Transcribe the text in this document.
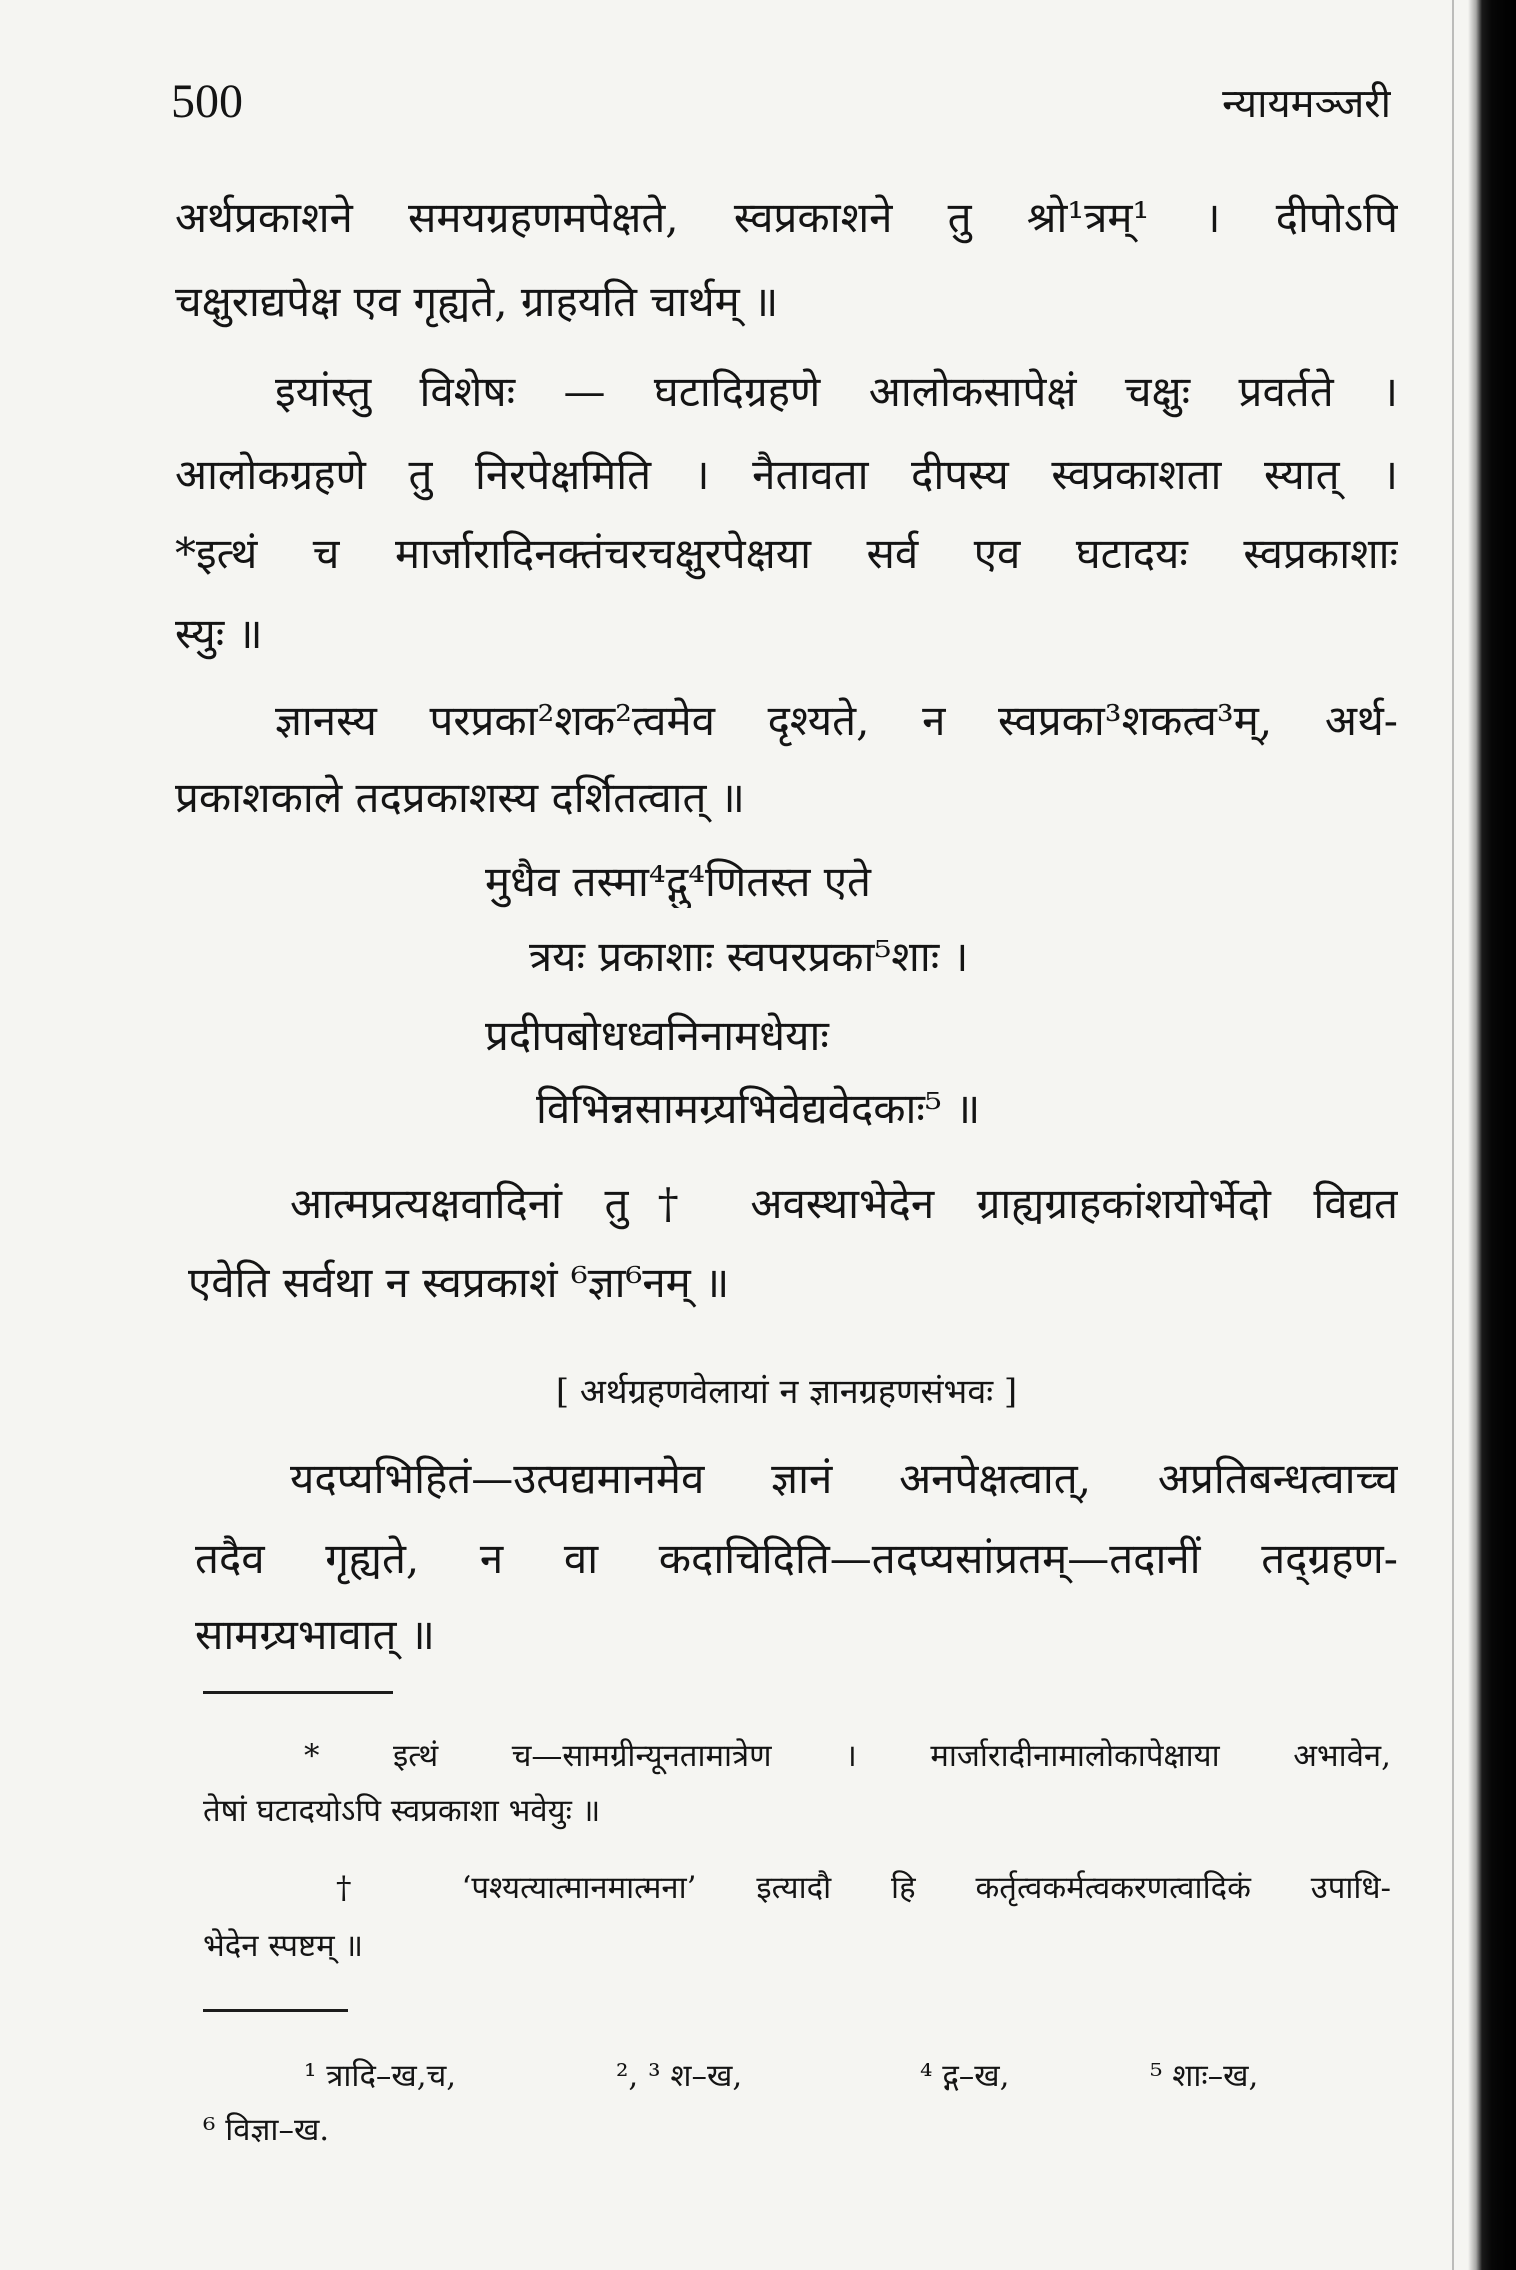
500	न्यायमञ्जरी
अर्थप्रकाशने समयग्रहणमपेक्षते, स्वप्रकाशने तु श्रो¹त्रम्¹ । दीपोऽपि
चक्षुराद्यपेक्ष एव गृह्यते, ग्राहयति चार्थम् ॥
इयांस्तु विशेषः — घटादिग्रहणे आलोकसापेक्षं चक्षुः प्रवर्तते ।
आलोकग्रहणे तु निरपेक्षमिति । नैतावता दीपस्य स्वप्रकाशता स्यात् ।
*इत्थं च मार्जारादिनक्तंचरचक्षुरपेक्षया सर्व एव घटादयः स्वप्रकाशाः
स्युः ॥
ज्ञानस्य परप्रका²शक²त्वमेव दृश्यते, न स्वप्रका³शकत्व³म्, अर्थ-
प्रकाशकाले तदप्रकाशस्य दर्शितत्वात् ॥
मुधैव तस्मा⁴द्गु⁴णितस्त एते
त्रयः प्रकाशाः स्वपरप्रका⁵शाः ।
प्रदीपबोधध्वनिनामधेयाः
विभिन्नसामग्र्यभिवेद्यवेदकाः⁵ ॥
आत्मप्रत्यक्षवादिनां तु† अवस्थाभेदेन ग्राह्यग्राहकांशयोर्भेदो विद्यत
एवेति सर्वथा न स्वप्रकाशं ⁶ज्ञा⁶नम् ॥
[ अर्थग्रहणवेलायां न ज्ञानग्रहणसंभवः ]
यदप्यभिहितं—उत्पद्यमानमेव ज्ञानं अनपेक्षत्वात्, अप्रतिबन्धत्वाच्च
तदैव गृह्यते, न वा कदाचिदिति—तदप्यसांप्रतम्—तदानीं तद्ग्रहण-
सामग्र्यभावात् ॥
* इत्थं च—सामग्रीन्यूनतामात्रेण । मार्जारादीनामालोकापेक्षाया अभावेन,
तेषां घटादयोऽपि स्वप्रकाशा भवेयुः ॥
† ‘पश्यत्यात्मानमात्मना’ इत्यादौ हि कर्तृत्वकर्मत्वकरणत्वादिकं उपाधि-
भेदेन स्पष्टम् ॥
¹ त्रादि–ख,च,	², ³ श–ख,	⁴ द्ग–ख,	⁵ शाः–ख,
⁶ विज्ञा–ख.
